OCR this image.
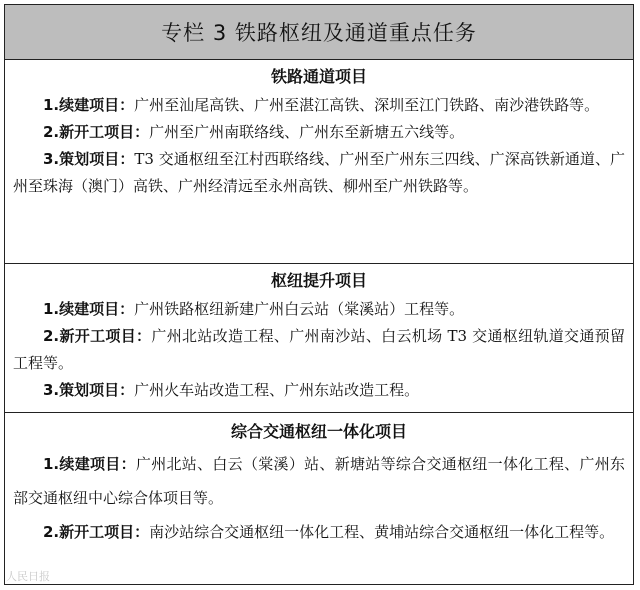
专栏 3 铁路枢纽及通道重点任务
铁路通道项目
1.续建项目：广州至汕尾高铁、广州至湛江高铁、深圳至江门铁路、南沙港铁路等。
2.新开工项目：广州至广州南联络线、广州东至新塘五六线等。
3.策划项目：T3 交通枢纽至江村西联络线、广州至广州东三四线、广深高铁新通道、广州至珠海（澳门）高铁、广州经清远至永州高铁、柳州至广州铁路等。
枢纽提升项目
1.续建项目：广州铁路枢纽新建广州白云站（棠溪站）工程等。
2.新开工项目：广州北站改造工程、广州南沙站、白云机场 T3 交通枢纽轨道交通预留工程等。
3.策划项目：广州火车站改造工程、广州东站改造工程。
综合交通枢纽一体化项目
1.续建项目：广州北站、白云（棠溪）站、新塘站等综合交通枢纽一体化工程、广州东部交通枢纽中心综合体项目等。
2.新开工项目：南沙站综合交通枢纽一体化工程、黄埔站综合交通枢纽一体化工程等。
人民日报
